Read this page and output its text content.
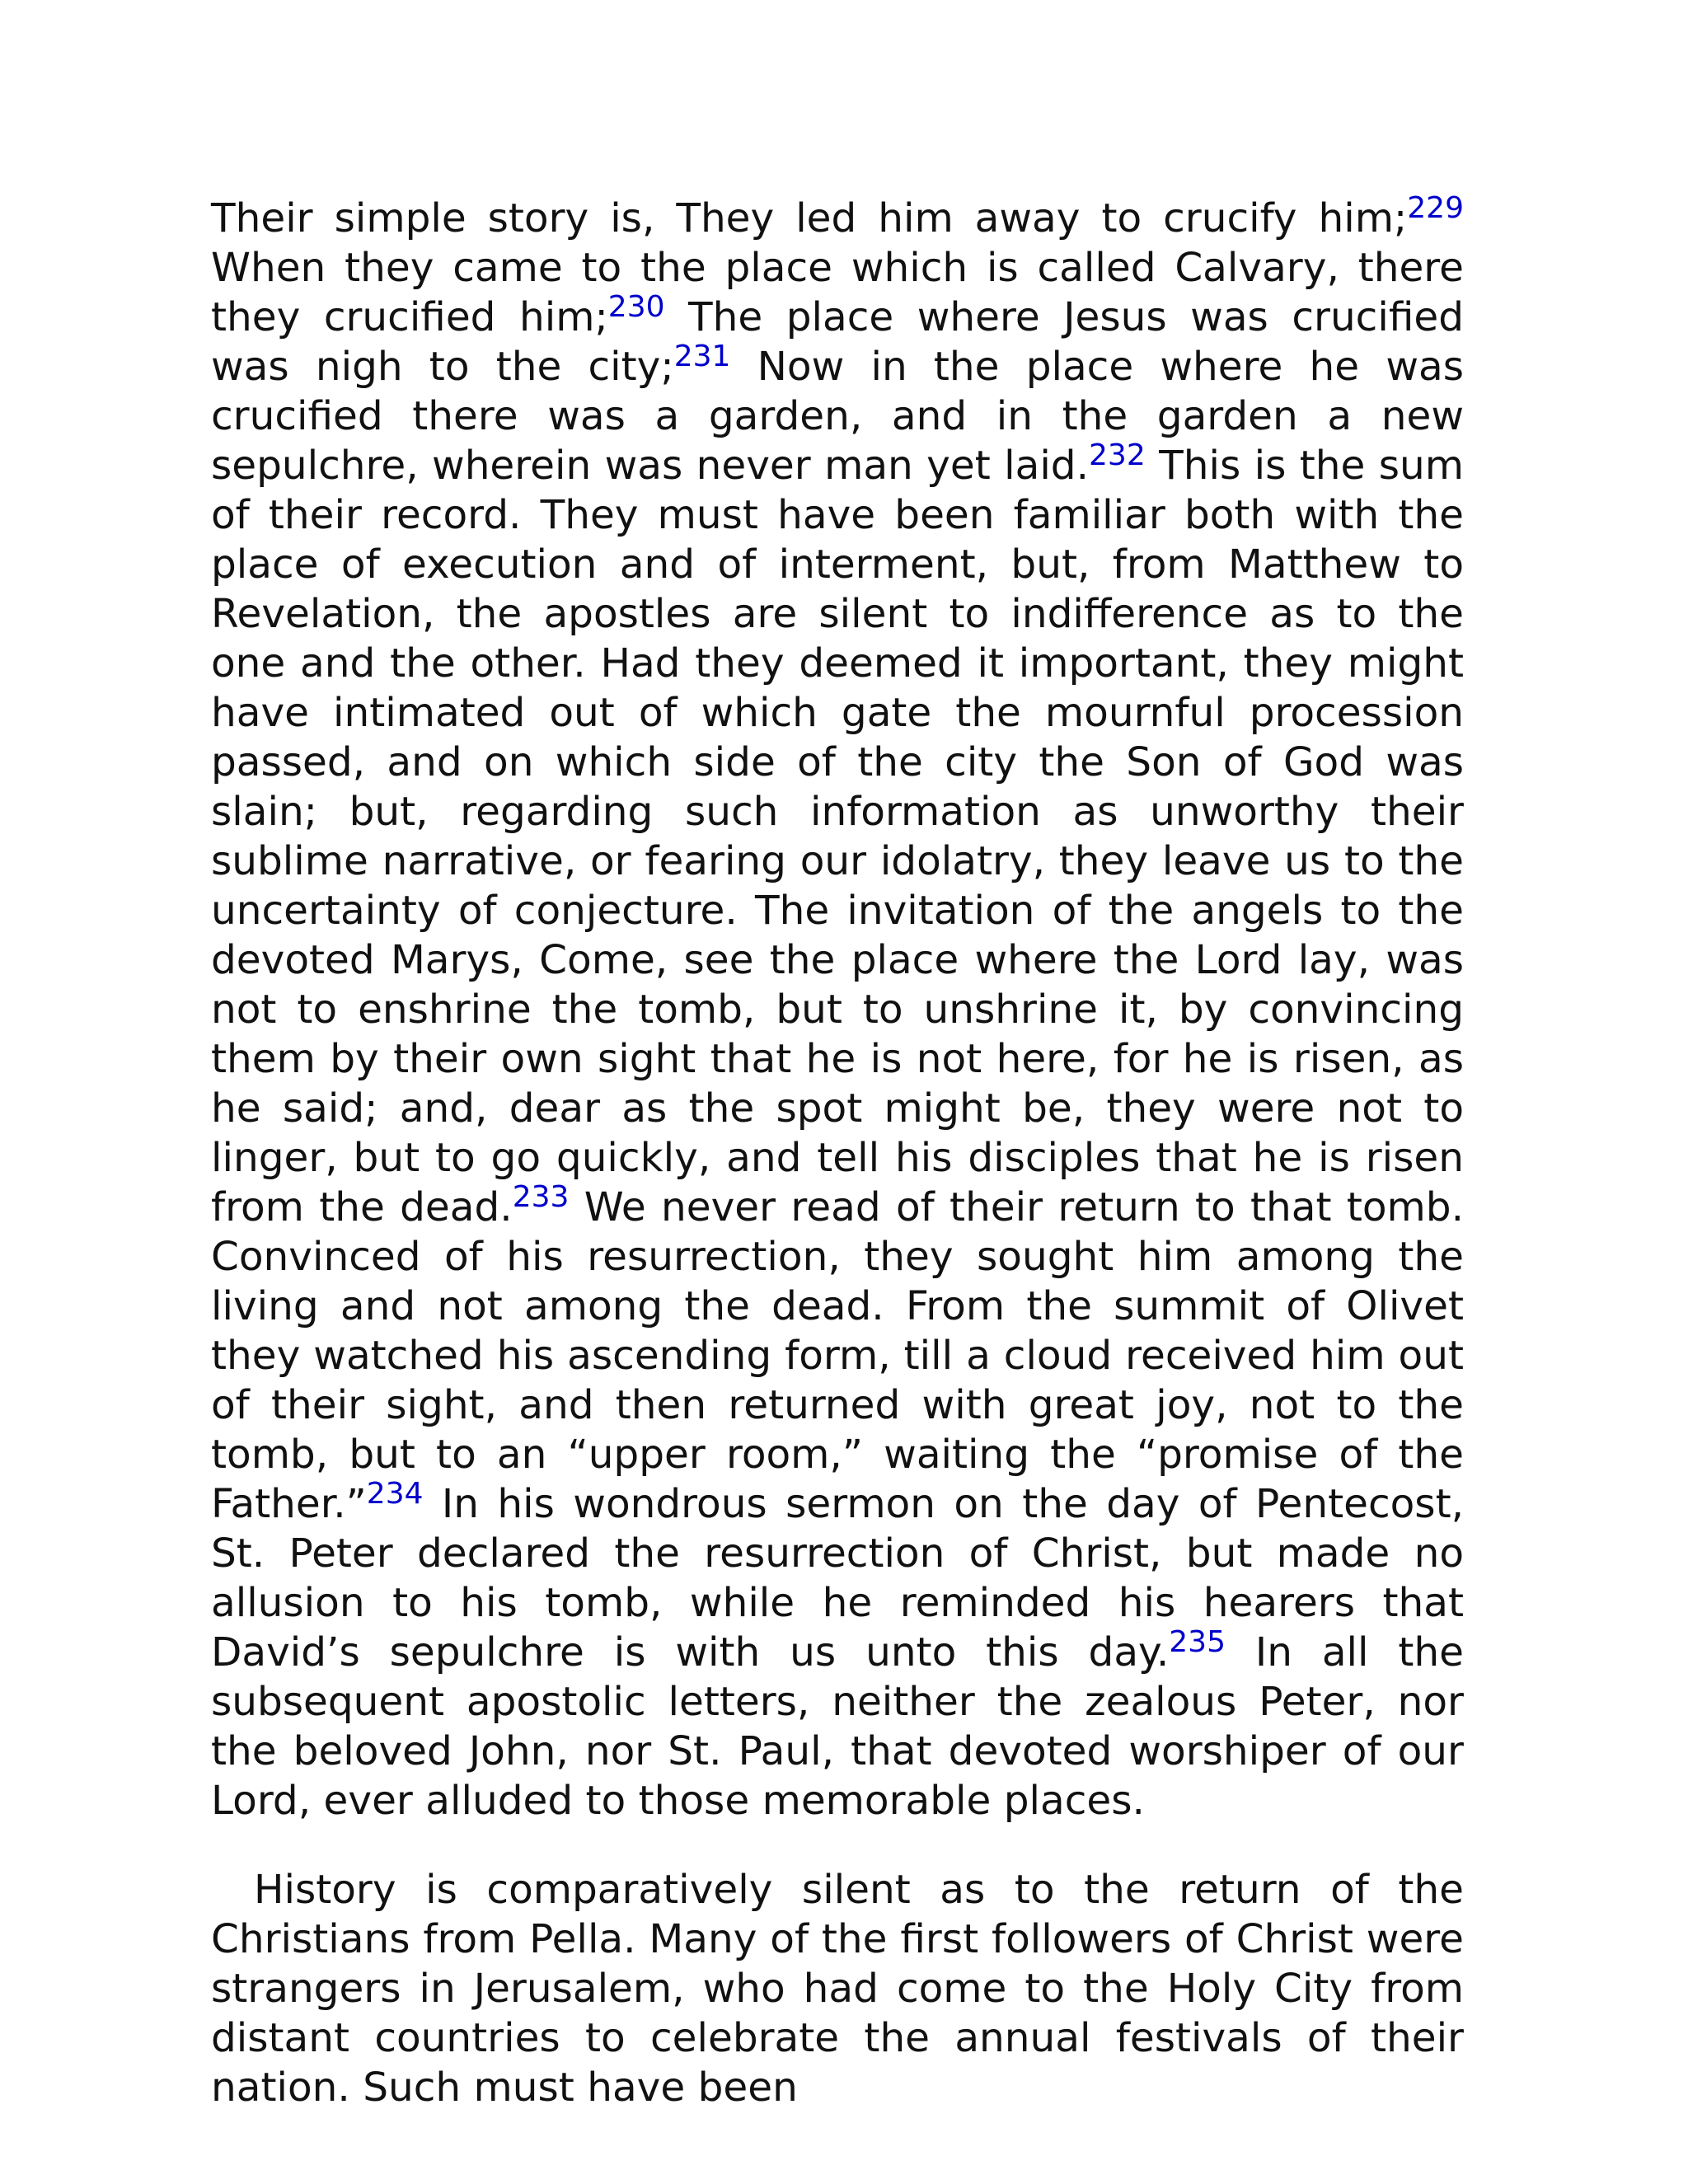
Their simple story is, They led him away to crucify him;$^{229}$ When they came to the place which is called Calvary, there they crucified him;$^{230}$ The place where Jesus was crucified was nigh to the city;$^{231}$ Now in the place where he was crucified there was a garden, and in the garden a new sepulchre, wherein was never man yet laid.$^{232}$ This is the sum of their record. They must have been familiar both with the place of execution and of interment, but, from Matthew to Revelation, the apostles are silent to indifference as to the one and the other. Had they deemed it important, they might have intimated out of which gate the mournful procession passed, and on which side of the city the Son of God was slain; but, regarding such information as unworthy their sublime narrative, or fearing our idolatry, they leave us to the uncertainty of conjecture. The invitation of the angels to the devoted Marys, Come, see the place where the Lord lay, was not to enshrine the tomb, but to unshrine it, by convincing them by their own sight that he is not here, for he is risen, as he said; and, dear as the spot might be, they were not to linger, but to go quickly, and tell his disciples that he is risen from the dead.$^{233}$ We never read of their return to that tomb. Convinced of his resurrection, they sought him among the living and not among the dead. From the summit of Olivet they watched his ascending form, till a cloud received him out of their sight, and then returned with great joy, not to the tomb, but to an “upper room,” waiting the “promise of the Father.”$^{234}$ In his wondrous sermon on the day of Pentecost, St. Peter declared the resurrection of Christ, but made no allusion to his tomb, while he reminded his hearers that David’s sepulchre is with us unto this day.$^{235}$ In all the subsequent apostolic letters, neither the zealous Peter, nor the beloved John, nor St. Paul, that devoted worshiper of our Lord, ever alluded to those memorable places.

History is comparatively silent as to the return of the Christians from Pella. Many of the first followers of Christ were strangers in Jerusalem, who had come to the Holy City from distant countries to celebrate the annual festivals of their nation. Such must have been
